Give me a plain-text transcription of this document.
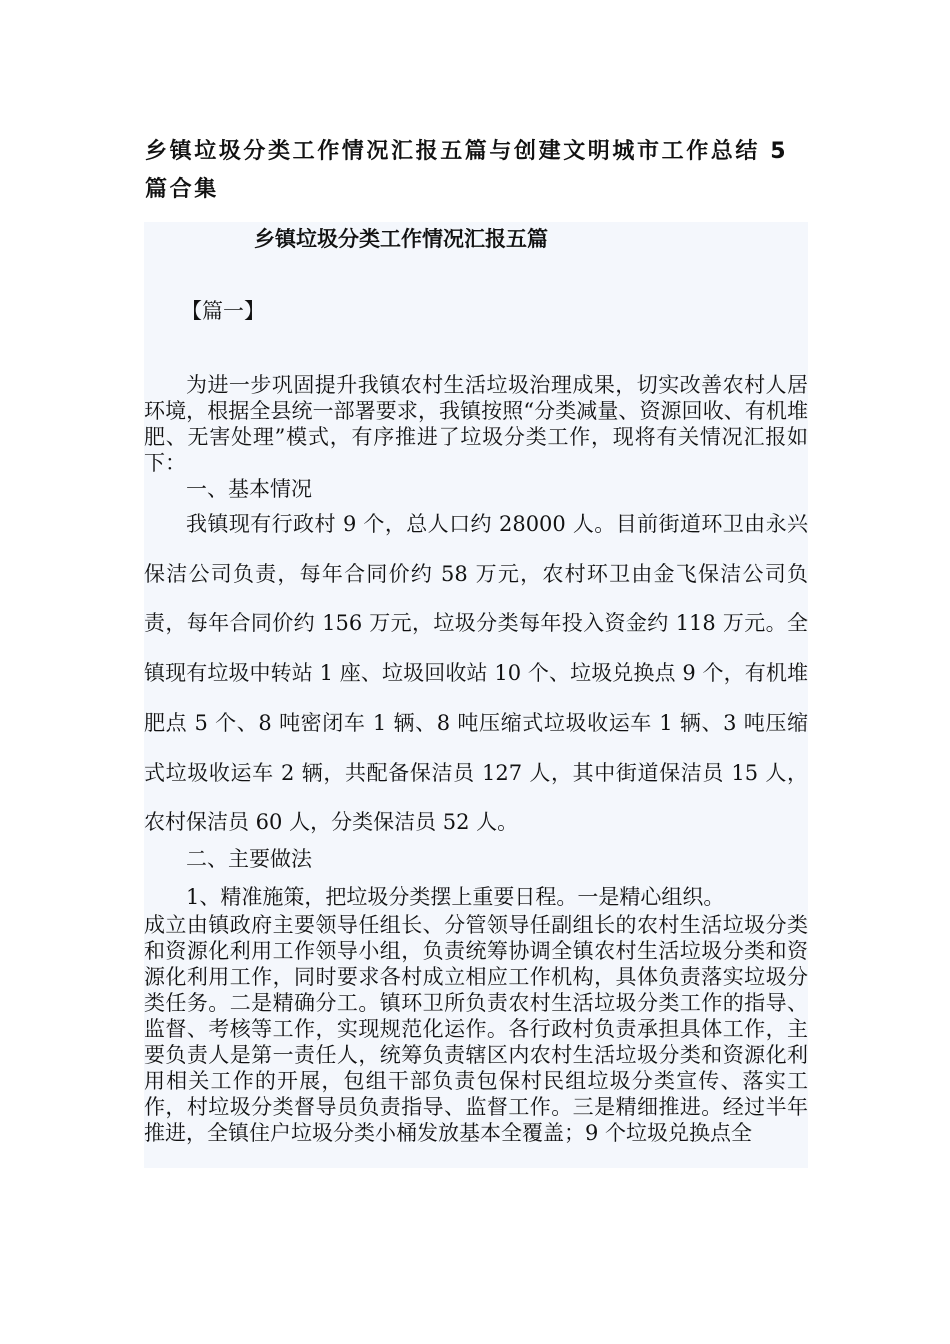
乡镇垃圾分类工作情况汇报五篇与创建文明城市工作总结 5 篇合集
乡镇垃圾分类工作情况汇报五篇

【篇一】

为进一步巩固提升我镇农村生活垃圾治理成果，切实改善农村人居环境，根据全县统一部署要求，我镇按照“分类减量、资源回收、有机堆肥、无害处理”模式，有序推进了垃圾分类工作，现将有关情况汇报如下：

一、基本情况

我镇现有行政村 9 个，总人口约 28000 人。目前街道环卫由永兴保洁公司负责，每年合同价约 58 万元，农村环卫由金飞保洁公司负责，每年合同价约 156 万元，垃圾分类每年投入资金约 118 万元。全镇现有垃圾中转站 1 座、垃圾回收站 10 个、垃圾兑换点 9 个，有机堆肥点 5 个、8 吨密闭车 1 辆、8 吨压缩式垃圾收运车 1 辆、3 吨压缩式垃圾收运车 2 辆，共配备保洁员 127 人，其中街道保洁员 15 人，农村保洁员 60 人，分类保洁员 52 人。

二、主要做法

1、精准施策，把垃圾分类摆上重要日程。一是精心组织。

成立由镇政府主要领导任组长、分管领导任副组长的农村生活垃圾分类和资源化利用工作领导小组，负责统筹协调全镇农村生活垃圾分类和资源化利用工作，同时要求各村成立相应工作机构，具体负责落实垃圾分类任务。二是精确分工。镇环卫所负责农村生活垃圾分类工作的指导、监督、考核等工作，实现规范化运作。各行政村负责承担具体工作，主要负责人是第一责任人，统筹负责辖区内农村生活垃圾分类和资源化利用相关工作的开展，包组干部负责包保村民组垃圾分类宣传、落实工作，村垃圾分类督导员负责指导、监督工作。三是精细推进。经过半年推进，全镇住户垃圾分类小桶发放基本全覆盖；9 个垃圾兑换点全
